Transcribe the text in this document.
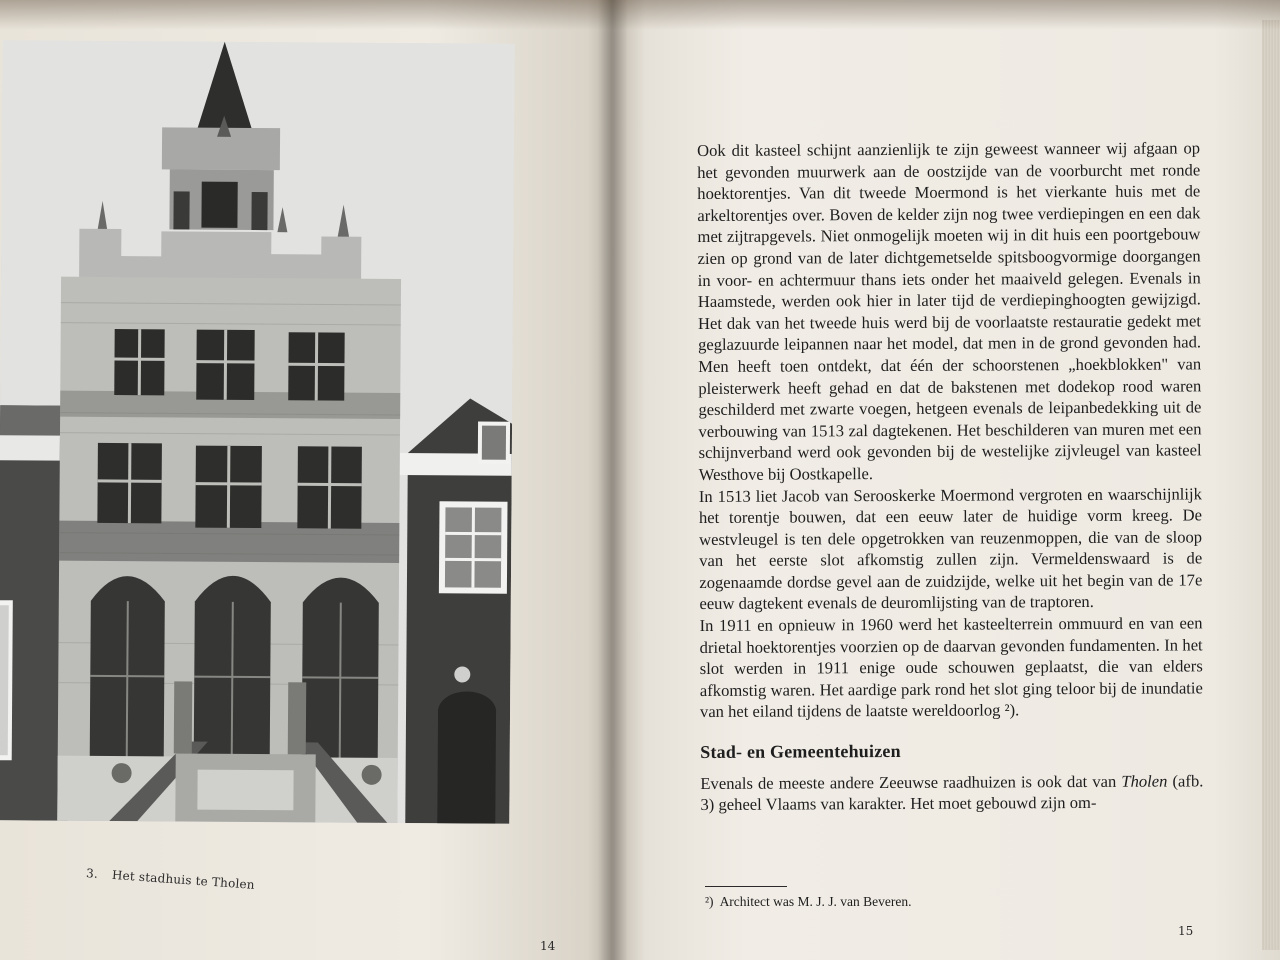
3. Het stadhuis te Tholen
14

Ook dit kasteel schijnt aanzienlijk te zijn geweest wanneer wij afgaan op het gevonden muurwerk aan de oostzijde van de voorburcht met ronde hoektorentjes. Van dit tweede Moermond is het vierkante huis met de arkeltorentjes over. Boven de kelder zijn nog twee verdiepingen en een dak met zijtrapgevels. Niet onmogelijk moeten wij in dit huis een poortgebouw zien op grond van de later dichtgemetselde spitsboogvormige doorgangen in voor- en achtermuur thans iets onder het maaiveld gelegen. Evenals in Haamstede, werden ook hier in later tijd de verdiepinghoogten gewijzigd. Het dak van het tweede huis werd bij de voorlaatste restauratie gedekt met geglazuurde leipannen naar het model, dat men in de grond gevonden had. Men heeft toen ontdekt, dat één der schoorstenen „hoekblokken" van pleisterwerk heeft gehad en dat de bakstenen met dodekop rood waren geschilderd met zwarte voegen, hetgeen evenals de leipanbedekking uit de verbouwing van 1513 zal dagtekenen. Het beschilderen van muren met een schijnverband werd ook gevonden bij de westelijke zijvleugel van kasteel Westhove bij Oostkapelle.

In 1513 liet Jacob van Serooskerke Moermond vergroten en waarschijnlijk het torentje bouwen, dat een eeuw later de huidige vorm kreeg. De westvleugel is ten dele opgetrokken van reuzenmoppen, die van de sloop van het eerste slot afkomstig zullen zijn. Vermeldenswaard is de zogenaamde dordse gevel aan de zuidzijde, welke uit het begin van de 17e eeuw dagtekent evenals de deuromlijsting van de traptoren.

In 1911 en opnieuw in 1960 werd het kasteelterrein ommuurd en van een drietal hoektorentjes voorzien op de daarvan gevonden fundamenten. In het slot werden in 1911 enige oude schouwen geplaatst, die van elders afkomstig waren. Het aardige park rond het slot ging teloor bij de inundatie van het eiland tijdens de laatste wereldoorlog ²).

Stad- en Gemeentehuizen

Evenals de meeste andere Zeeuwse raadhuizen is ook dat van Tholen (afb. 3) geheel Vlaams van karakter. Het moet gebouwd zijn om-

²) Architect was M. J. J. van Beveren.
15
